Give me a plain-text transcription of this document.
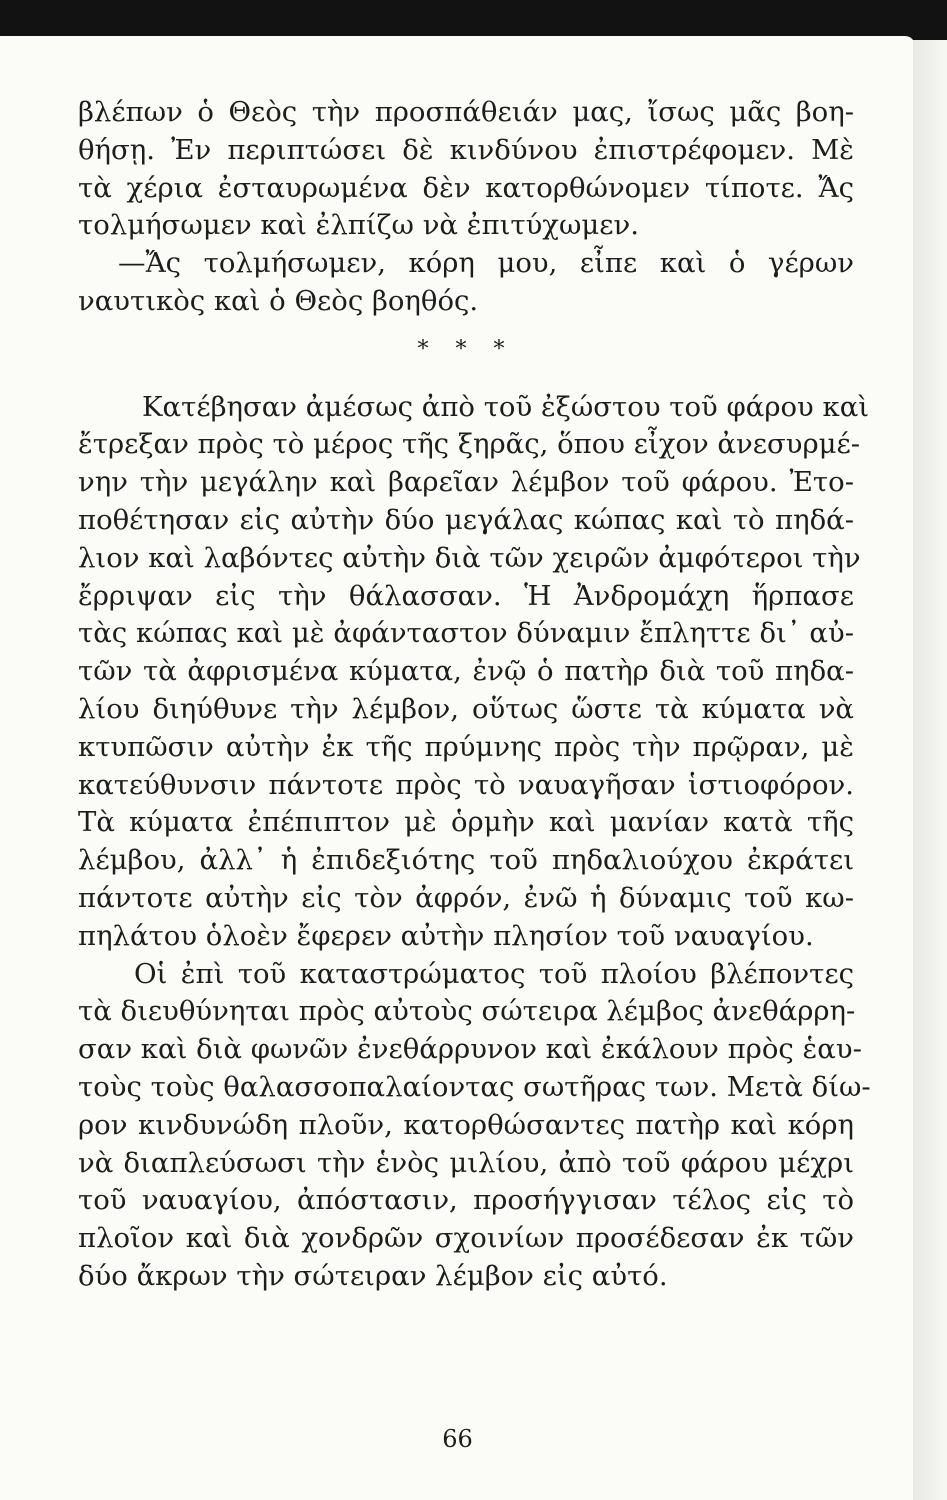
βλέπων ὁ Θεὸς τὴν προσπάθειάν μας, ἴσως μᾶς βοη-
θήσῃ. Ἐν περιπτώσει δὲ κινδύνου ἐπιστρέφομεν. Μὲ
τὰ χέρια ἐσταυρωμένα δὲν κατορθώνομεν τίποτε. Ἄς
τολμήσωμεν καὶ ἐλπίζω νὰ ἐπιτύχωμεν.
—Ἄς τολμήσωμεν, κόρη μου, εἶπε καὶ ὁ γέρων
ναυτικὸς καὶ ὁ Θεὸς βοηθός.
* * *
Κατέβησαν ἀμέσως ἀπὸ τοῦ ἐξώστου τοῦ φάρου καὶ
ἔτρεξαν πρὸς τὸ μέρος τῆς ξηρᾶς, ὅπου εἶχον ἀνεσυρμέ-
νην τὴν μεγάλην καὶ βαρεῖαν λέμβον τοῦ φάρου. Ἐτο-
ποθέτησαν εἰς αὐτὴν δύο μεγάλας κώπας καὶ τὸ πηδά-
λιον καὶ λαβόντες αὐτὴν διὰ τῶν χειρῶν ἀμφότεροι τὴν
ἔρριψαν εἰς τὴν θάλασσαν. Ἡ Ἀνδρομάχη ἥρπασε
τὰς κώπας καὶ μὲ ἀφάνταστον δύναμιν ἔπληττε δι᾽ αὐ-
τῶν τὰ ἀφρισμένα κύματα, ἐνῷ ὁ πατὴρ διὰ τοῦ πηδα-
λίου διηύθυνε τὴν λέμβον, οὕτως ὥστε τὰ κύματα νὰ
κτυπῶσιν αὐτὴν ἐκ τῆς πρύμνης πρὸς τὴν πρῷραν, μὲ
κατεύθυνσιν πάντοτε πρὸς τὸ ναυαγῆσαν ἱστιοφόρον.
Τὰ κύματα ἐπέπιπτον μὲ ὁρμὴν καὶ μανίαν κατὰ τῆς
λέμβου, ἀλλ᾽ ἡ ἐπιδεξιότης τοῦ πηδαλιούχου ἐκράτει
πάντοτε αὐτὴν εἰς τὸν ἀφρόν, ἐνῶ ἡ δύναμις τοῦ κω-
πηλάτου ὁλοὲν ἔφερεν αὐτὴν πλησίον τοῦ ναυαγίου.
Οἱ ἐπὶ τοῦ καταστρώματος τοῦ πλοίου βλέποντες
τὰ διευθύνηται πρὸς αὐτοὺς σώτειρα λέμβος ἀνεθάρρη-
σαν καὶ διὰ φωνῶν ἐνεθάρρυνον καὶ ἐκάλουν πρὸς ἑαυ-
τοὺς τοὺς θαλασσοπαλαίοντας σωτῆρας των. Μετὰ δίω-
ρον κινδυνώδη πλοῦν, κατορθώσαντες πατὴρ καὶ κόρη
νὰ διαπλεύσωσι τὴν ἑνὸς μιλίου, ἀπὸ τοῦ φάρου μέχρι
τοῦ ναυαγίου, ἀπόστασιν, προσήγγισαν τέλος εἰς τὸ
πλοῖον καὶ διὰ χονδρῶν σχοινίων προσέδεσαν ἐκ τῶν
δύο ἄκρων τὴν σώτειραν λέμβον εἰς αὐτό.
66
